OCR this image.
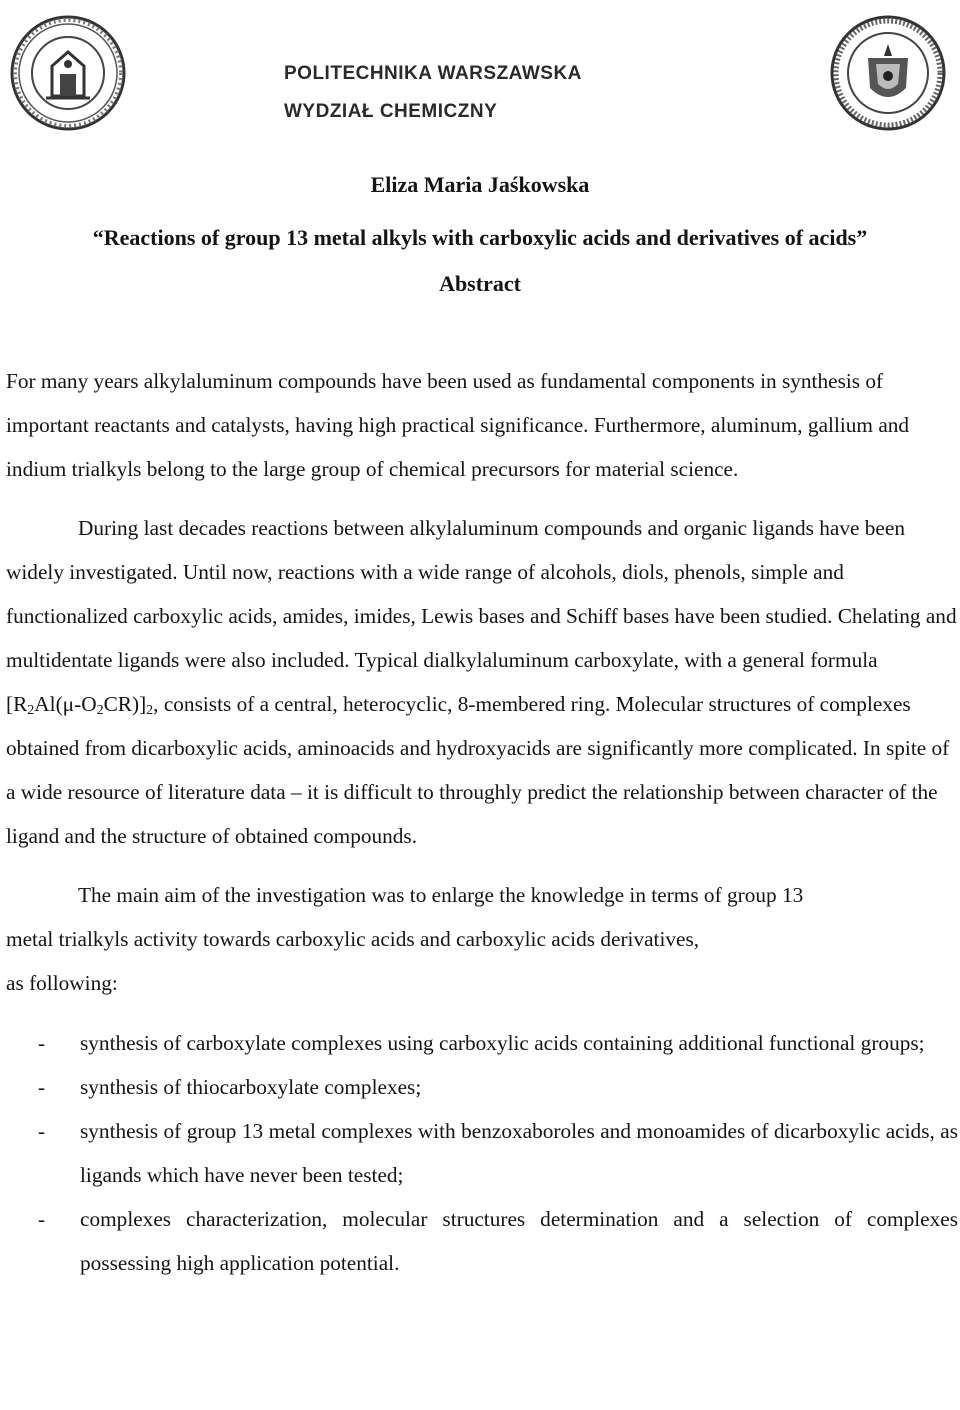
POLITECHNIKA WARSZAWSKA
WYDZIAŁ CHEMICZNY
Eliza Maria Jaśkowska
“Reactions of group 13 metal alkyls with carboxylic acids and derivatives of acids”
Abstract

For many years alkylaluminum compounds have been used as fundamental components in synthesis of important reactants and catalysts, having high practical significance. Furthermore, aluminum, gallium and indium trialkyls belong to the large group of chemical precursors for material science.

During last decades reactions between alkylaluminum compounds and organic ligands have been widely investigated. Until now, reactions with a wide range of alcohols, diols, phenols, simple and functionalized carboxylic acids, amides, imides, Lewis bases and Schiff bases have been studied. Chelating and multidentate ligands were also included. Typical dialkylaluminum carboxylate, with a general formula $[R_2Al(\mu-O_2CR)]_2$, consists of a central, heterocyclic, 8-membered ring. Molecular structures of complexes obtained from dicarboxylic acids, aminoacids and hydroxyacids are significantly more complicated. In spite of a wide resource of literature data – it is difficult to throughly predict the relationship between character of the ligand and the structure of obtained compounds.

The main aim of the investigation was to enlarge the knowledge in terms of group 13
metal trialkyls activity towards carboxylic acids and carboxylic acids derivatives,
as following:

- synthesis of carboxylate complexes using carboxylic acids containing additional functional groups;
- synthesis of thiocarboxylate complexes;
- synthesis of group 13 metal complexes with benzoxaboroles and monoamides of dicarboxylic acids, as ligands which have never been tested;
- complexes characterization, molecular structures determination and a selection of complexes possessing high application potential.
